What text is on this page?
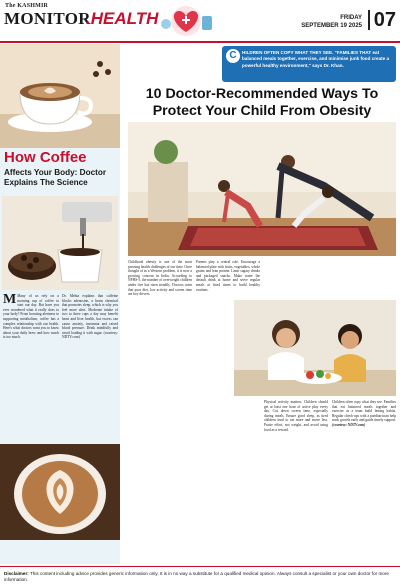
The KASHMIR
MONITOR
.HEALTH	FRIDAY
SEPTEMBER 19 2025 07
C	HILDREN OFTEN COPY WHAT THEY SEE. "FAMILIES THAT eat balanced meals together, exercise, and minimise junk food create a powerful healthy environment," says Dr. Khan.
How Coffee
Affects Your Body: Doctor Explains The Science
M Many of us rely on a morning cup of coffee to start our day. But have you ever wondered what it really does to your body? From boosting alertness to supporting metabolism, coffee has a complex relationship with our health. Here's what doctors want you to know about your daily brew and how much is too much.
Dr. Mehta explains that caffeine blocks adenosine, a brain chemical that promotes sleep, which is why you feel more alert. Moderate intake of two to three cups a day may benefit heart and liver health, but excess can cause anxiety, insomnia and raised blood pressure. Drink mindfully and avoid loading it with sugar. (courtesy: NDTV.com)
10 Doctor-Recommended Ways To Protect Your Child From Obesity
Childhood obesity is one of the most pressing health challenges of our time. Once thought of as a Western problem, it is now a growing concern in India. According to NFHS-5, the number of overweight children under five has risen steadily. Doctors warn that poor diet, low activity and screen time are key drivers.
Parents play a central role. Encourage a balanced plate with fruits, vegetables, whole grains and lean protein. Limit sugary drinks and packaged snacks. Make water the default drink at home and serve regular meals at fixed times to build healthy routines.
Physical activity matters. Children should get at least one hour of active play every day. Cut down screen time, especially during meals. Ensure good sleep, as tired children tend to eat more and move less. Praise effort, not weight, and avoid using food as a reward.
Children often copy what they see. Families that eat balanced meals together and exercise as a team build lasting habits. Regular check-ups with a paediatrician help track growth early and guide timely support.
(courtesy: NDTV.com)
Disclaimer: This content including advice provides generic information only. It is in no way a substitute for a qualified medical opinion. Always consult a specialist or your own doctor for more information.
